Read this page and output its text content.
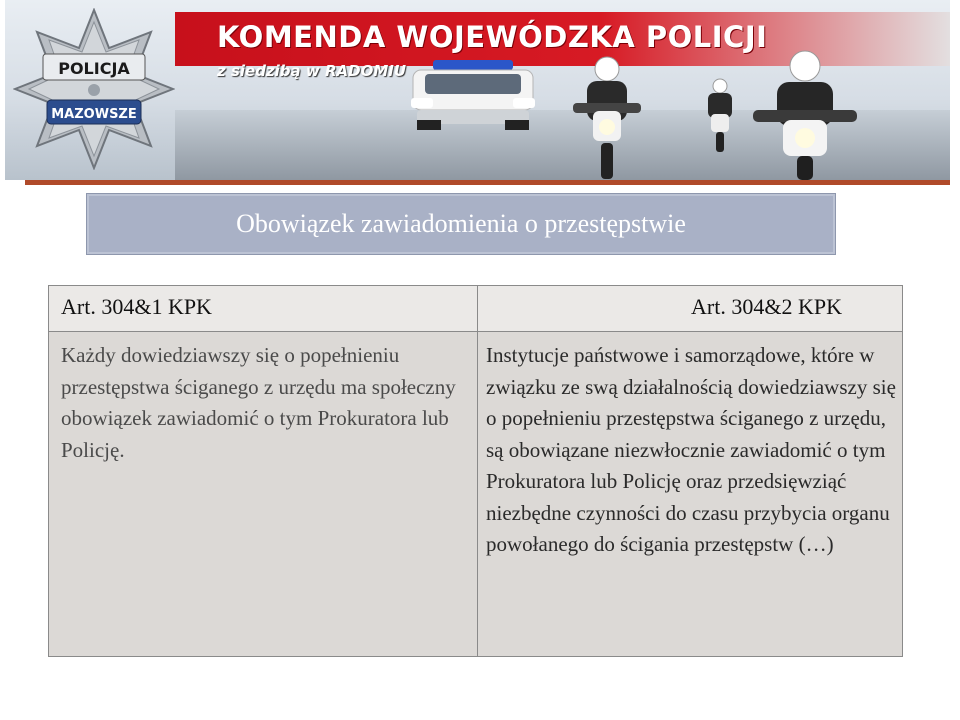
KOMENDA WOJEWÓDZKA POLICJI
z siedzibą w RADOMIU
POLICJA
MAZOWSZE
Obowiązek zawiadomienia o przestępstwie
Art. 304&1 KPK	Art. 304&2 KPK
Każdy dowiedziawszy się o popełnieniu przestępstwa ściganego z urzędu ma społeczny obowiązek zawiadomić o tym Prokuratora lub Policję.
Instytucje państwowe i samorządowe, które w związku ze swą działalnością dowiedziawszy się o popełnieniu przestępstwa ściganego z urzędu, są obowiązane niezwłocznie zawiadomić o tym Prokuratora lub Policję oraz przedsięwziąć niezbędne czynności do czasu przybycia organu powołanego do ścigania przestępstw (…)
